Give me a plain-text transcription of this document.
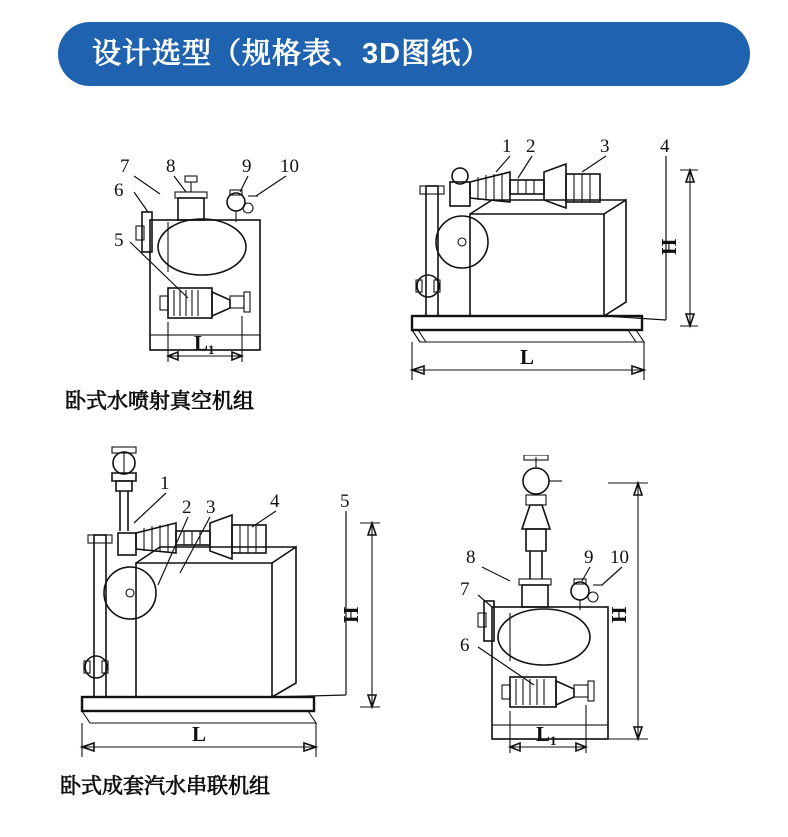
设计选型（规格表、3D图纸）
7 8	9 10
6
5
L 1
卧式水喷射真空机组
1 2	3	4
H
L
1
2 3	4	5
H
L
卧式成套汽水串联机组
8
7
6
9 10
H
L 1
